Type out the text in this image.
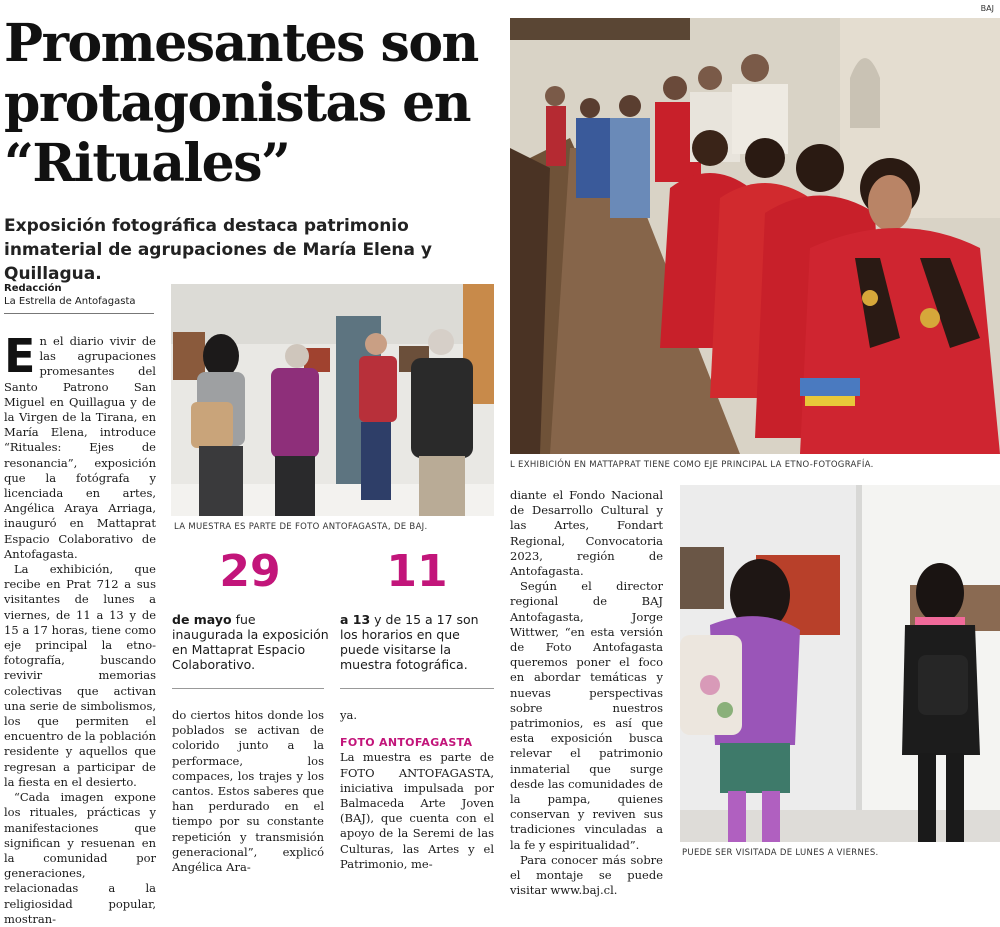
BAJ
Promesantes son protagonistas en “Rituales”
Exposición fotográfica destaca patrimonio inmaterial de agrupaciones de María Elena y Quillagua.
Redacción
La Estrella de Antofagasta

En el diario vivir de las agrupaciones promesantes del Santo Patrono San Miguel en Quillagua y de la Virgen de la Tirana, en María Elena, introduce “Rituales: Ejes de resonancia”, exposición que la fotógrafa y licenciada en artes, Angélica Araya Arriaga, inauguró en Mattaprat Espacio Colaborativo de Antofagasta.

La exhibición, que recibe en Prat 712 a sus visitantes de lunes a viernes, de 11 a 13 y de 15 a 17 horas, tiene como eje principal la etno-fotografía, buscando revivir memorias colectivas que activan una serie de simbolismos, los que permiten el encuentro de la población residente y aquellos que regresan a participar de la fiesta en el desierto.

“Cada imagen expone los rituales, prácticas y manifestaciones que significan y resuenan en la comunidad por generaciones, relacionadas a la religiosidad popular, mostran-

LA MUESTRA ES PARTE DE FOTO ANTOFAGASTA, DE BAJ.
29
de mayo fue inaugurada la exposición en Mattaprat Espacio Colaborativo.
11
a 13 y de 15 a 17 son los horarios en que puede visitarse la muestra fotográfica.

do ciertos hitos donde los poblados se activan de colorido junto a la performace, los compaces, los trajes y los cantos. Estos saberes que han perdurado en el tiempo por su constante repetición y transmisión generacional”, explicó Angélica Ara-

ya.

FOTO ANTOFAGASTA

La muestra es parte de FOTO ANTOFAGASTA, iniciativa impulsada por Balmaceda Arte Joven (BAJ), que cuenta con el apoyo de la Seremi de las Culturas, las Artes y el Patrimonio, me-

L EXHIBICIÓN EN MATTAPRAT TIENE COMO EJE PRINCIPAL LA ETNO-FOTOGRAFÍA.

diante el Fondo Nacional de Desarrollo Cultural y las Artes, Fondart Regional, Convocatoria 2023, región de Antofagasta.

Según el director regional de BAJ Antofagasta, Jorge Wittwer, “en esta versión de Foto Antofagasta queremos poner el foco en abordar temáticas y nuevas perspectivas sobre nuestros patrimonios, es así que esta exposición busca relevar el patrimonio inmaterial que surge desde las comunidades de la pampa, quienes conservan y reviven sus tradiciones vinculadas a la fe y espiritualidad”.

Para conocer más sobre el montaje se puede visitar www.baj.cl.

PUEDE SER VISITADA DE LUNES A VIERNES.
